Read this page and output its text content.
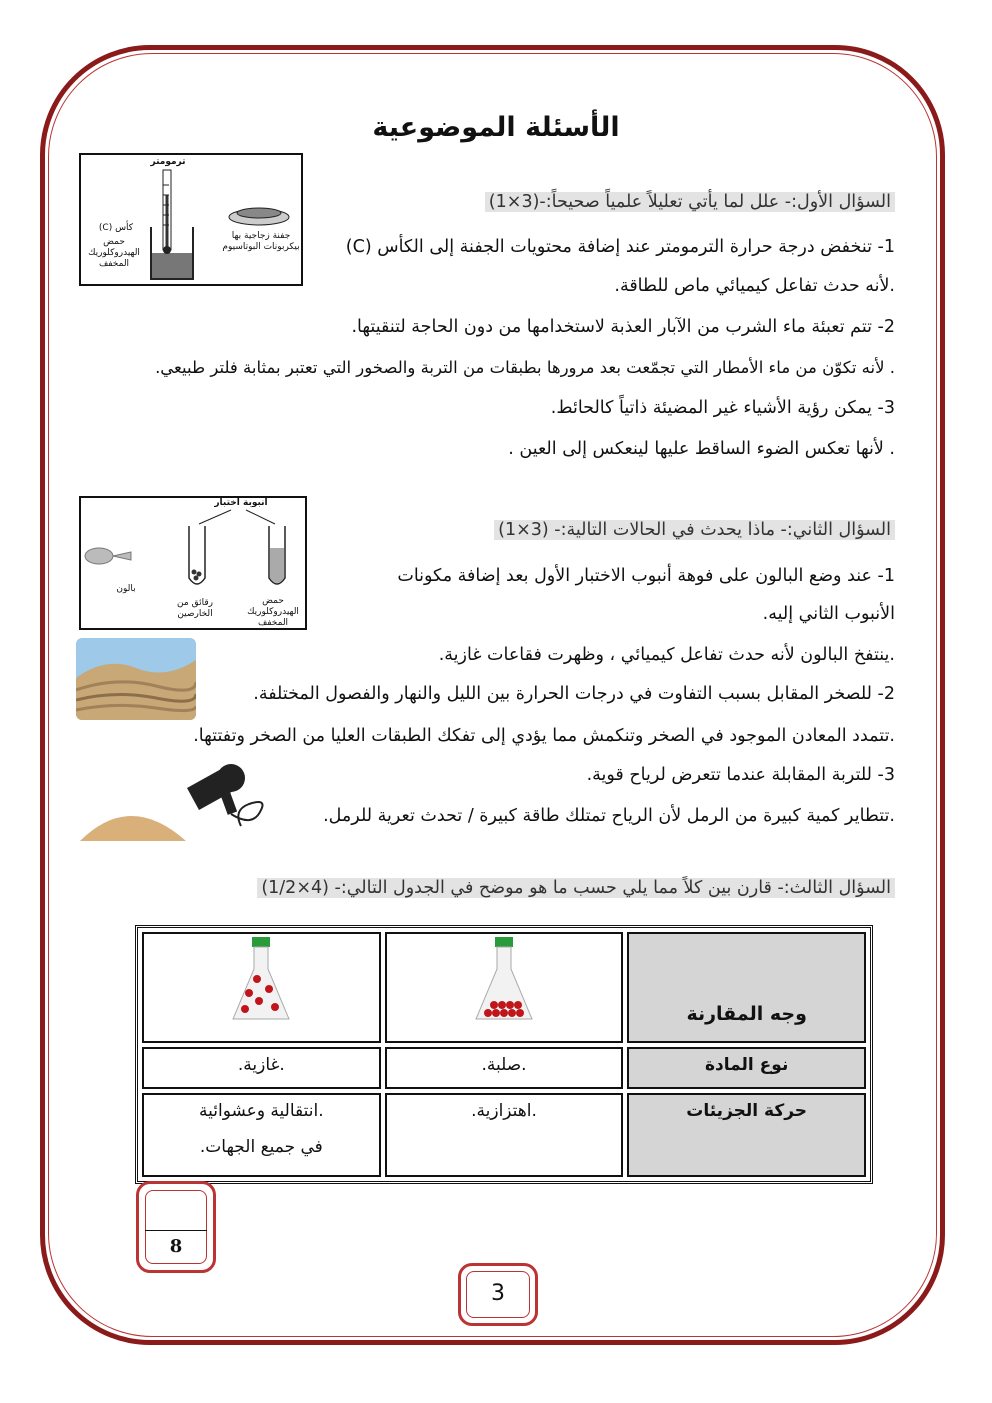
الأسئلة الموضوعية
ترمومتر
كأس (C)
حمض الهيدروكلوريك المخفف
جفنة زجاجية بها بيكربونات البوتاسيوم
السؤال الأول:- علل لما يأتي تعليلاً علمياً صحيحاً:-(3×1)
1- تنخفض درجة حرارة الترمومتر عند إضافة محتويات الجفنة إلى الكأس (C)
.لأنه حدث تفاعل كيميائي ماص للطاقة.
2- تتم تعبئة ماء الشرب من الآبار العذبة لاستخدامها من دون الحاجة لتنقيتها.
. لأنه تكوّن من ماء الأمطار التي تجمّعت بعد مرورها بطبقات من التربة والصخور التي تعتبر بمثابة فلتر طبيعي.
3- يمكن رؤية الأشياء غير المضيئة ذاتياً كالحائط.
. لأنها تعكس الضوء الساقط عليها لينعكس إلى العين .
أنبوبة اختبار
بالون
رقائق من الخارصين
حمض الهيدروكلوريك المخفف
السؤال الثاني:- ماذا يحدث في الحالات التالية:- (3×1)
1- عند وضع البالون على فوهة أنبوب الاختبار الأول بعد إضافة مكونات
الأنبوب الثاني إليه.
.ينتفخ البالون لأنه حدث تفاعل كيميائي ، وظهرت فقاعات غازية.
2- للصخر المقابل بسبب التفاوت في درجات الحرارة بين الليل والنهار والفصول المختلفة.
.تتمدد المعادن الموجود في الصخر وتنكمش مما يؤدي إلى تفكك الطبقات العليا من الصخر وتفتتها.
3- للتربة المقابلة عندما تتعرض لرياح قوية.
.تتطاير كمية كبيرة من الرمل لأن الرياح تمتلك طاقة كبيرة / تحدث تعرية للرمل.
السؤال الثالث:- قارن بين كلاً مما يلي حسب ما هو موضح في الجدول التالي:- (4×1/2)
وجه المقارنة		
نوع المادة	.صلبة.	.غازية.
حركة الجزيئات	.اهتزازية.	.انتقالية وعشوائية
في جميع الجهات.
8
3
